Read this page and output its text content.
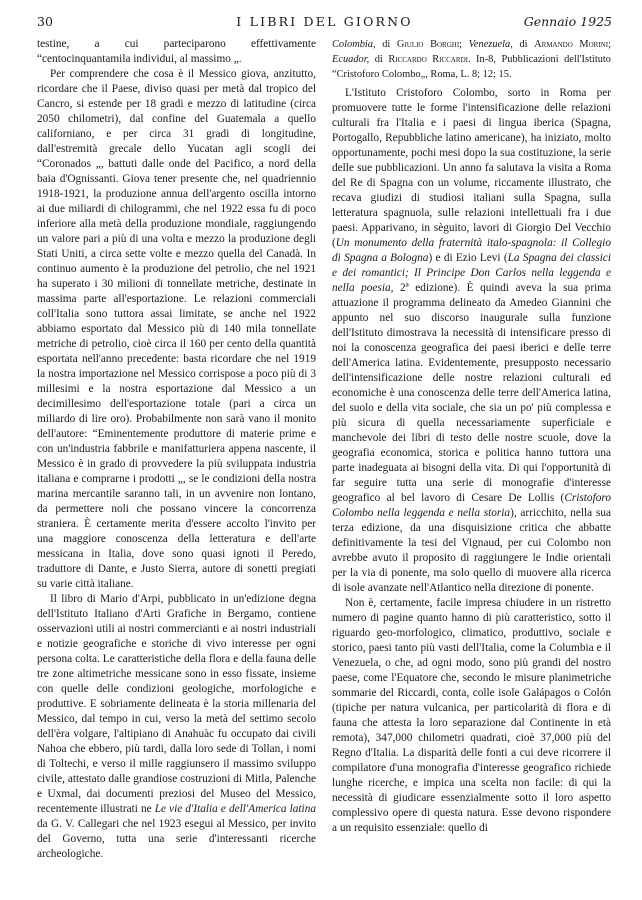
30	I LIBRI DEL GIORNO	Gennaio 1925

testine, a cui parteciparono effettivamente “centocinquantamila individui, al massimo „.

Per comprendere che cosa è il Messico giova, anzitutto, ricordare che il Paese, diviso quasi per metà dal tropico del Cancro, si estende per 18 gradi e mezzo di latitudine (circa 2050 chilometri), dal confine del Guatemala a quello californiano, e per circa 31 gradi di longitudine, dall'estremità grecale dello Yucatan agli scogli dei “Coronados „, battuti dalle onde del Pacifico, a nord della baia d'Ognissanti. Giova tener presente che, nel quadriennio 1918-1921, la produzione annua dell'argento oscilla intorno ai due miliardi di chilogrammi, che nel 1922 essa fu di poco inferiore alla metà della produzione mondiale, raggiungendo un valore pari a più di una volta e mezzo la produzione degli Stati Uniti, a circa sette volte e mezzo quella del Canadà. In continuo aumento è la produzione del petrolio, che nel 1921 ha superato i 30 milioni di tonnellate metriche, destinate in massima parte all'esportazione. Le relazioni commerciali coll'Italia sono tuttora assai limitate, se anche nel 1922 abbiamo esportato dal Messico più di 140 mila tonnellate metriche di petrolio, cioè circa il 160 per cento della quantità esportata nell'anno precedente: basta ricordare che nel 1919 la nostra importazione nel Messico corrispose a poco più di 3 millesimi e la nostra esportazione dal Messico a un decimillesimo dell'esportazione totale (pari a circa un miliardo di lire oro). Probabilmente non sarà vano il monito dell'autore: “Eminentemente produttore di materie prime e con un'industria fabbrile e manifatturiera appena nascente, il Messico è in grado di provvedere la più sviluppata industria italiana e comprarne i prodotti „, se le condizioni della nostra marina mercantile saranno tali, in un avvenire non lontano, da permettere noli che possano vincere la concorrenza straniera. È certamente merita d'essere accolto l'invito per una maggiore conoscenza della letteratura e dell'arte messicana in Italia, dove sono quasi ignoti il Peredo, traduttore di Dante, e Justo Sierra, autore di sonetti pregiati su varie città italiane.

Il libro di Mario d'Arpi, pubblicato in un'edizione degna dell'Istituto Italiano d'Arti Grafiche in Bergamo, contiene osservazioni utili ai nostri commercianti e ai nostri industriali e notizie geografiche e storiche di vivo interesse per ogni persona colta. Le caratteristiche della flora e della fauna delle tre zone altimetriche messicane sono in esso fissate, insieme con quelle delle condizioni geologiche, morfologiche e produttive. E sobriamente delineata è la storia millenaria del Messico, dal tempo in cui, verso la metà del settimo secolo dell'èra volgare, l'altipiano di Anahuàc fu occupato dai civili Nahoa che ebbero, più tardi, dalla loro sede di Tollan, i nomi di Toltechi, e verso il mille raggiunsero il massimo sviluppo civile, attestato dalle grandiose costruzioni di Mitla, Palenche e Uxmal, dai documenti preziosi del Museo del Messico, recentemente illustrati ne Le vie d'Italia e dell'America latina da G. V. Callegari che nel 1923 esegui al Messico, per invito del Governo, tutta una serie d'interessanti ricerche archeologiche.

Colombia, di Giulio Borghi; Venezuela, di Armando Morini; Ecuador, di Riccardo Riccardi. In-8, Pubblicazioni dell'Istituto “Cristoforo Colombo„, Roma, L. 8; 12; 15.

L'Istituto Cristoforo Colombo, sorto in Roma per promuovere tutte le forme l'intensificazione delle relazioni culturali fra l'Italia e i paesi di lingua iberica (Spagna, Portogallo, Repubbliche latino americane), ha iniziato, molto opportunamente, pochi mesi dopo la sua costituzione, la serie delle sue pubblicazioni. Un anno fa salutava la visita a Roma del Re di Spagna con un volume, riccamente illustrato, che recava giudizi di studiosi italiani sulla Spagna, sulla letteratura spagnuola, sulle relazioni intellettuali fra i due paesi. Apparivano, in sèguito, lavori di Giorgio Del Vecchio (Un monumento della fraternità italo-spagnola: il Collegio di Spagna a Bologna) e di Ezio Levi (La Spagna dei classici e dei romantici; Il Principe Don Carlos nella leggenda e nella poesia, 2ª edizione). È quindi aveva la sua prima attuazione il programma delineato da Amedeo Giannini che appunto nel suo discorso inaugurale sulla funzione dell'Istituto dimostrava la necessità di intensificare presso di noi la conoscenza geografica dei paesi iberici e delle terre dell'America latina. Evidentemente, presupposto necessario dell'intensificazione delle nostre relazioni culturali ed economiche è una conoscenza delle terre dell'America latina, del suolo e della vita sociale, che sia un po' più complessa e più sicura di quella necessariamente superficiale e manchevole dei libri di testo delle nostre scuole, dove la geografia economica, storica e politica hanno tuttora una parte inadeguata ai bisogni della vita. Di qui l'opportunità di far seguire tutta una serie di monografie d'interesse geografico al bel lavoro di Cesare De Lollis (Cristoforo Colombo nella leggenda e nella storia), arricchito, nella sua terza edizione, da una disquisizione critica che abbatte definitivamente la tesi del Vignaud, per cui Colombo non avrebbe avuto il proposito di raggiungere le Indie orientali per la via di ponente, ma solo quello di muovere alla ricerca di isole avanzate nell'Atlantico nella direzione di ponente.

Non è, certamente, facile impresa chiudere in un ristretto numero di pagine quanto hanno di più caratteristico, sotto il riguardo geo-morfologico, climatico, produttivo, sociale e storico, paesi tanto più vasti dell'Italia, come la Columbia e il Venezuela, o che, ad ogni modo, sono più grandi del nostro paese, come l'Equatore che, secondo le misure planimetriche sommarie del Riccardi, conta, colle isole Galápagos o Colón (tipiche per natura vulcanica, per particolarità di flora e di fauna che attesta la loro separazione dal Continente in età remota), 347,000 chilometri quadrati, cioè 37,000 più del Regno d'Italia. La disparità delle fonti a cui deve ricorrere il compilatore d'una monografia d'interesse geografico richiede lunghe ricerche, e impica una scelta non facile: di qui la necessità di giudicare essenzialmente sotto il loro aspetto complessivo opere di questa natura. Esse devono rispondere a un requisito essenziale: quello di
